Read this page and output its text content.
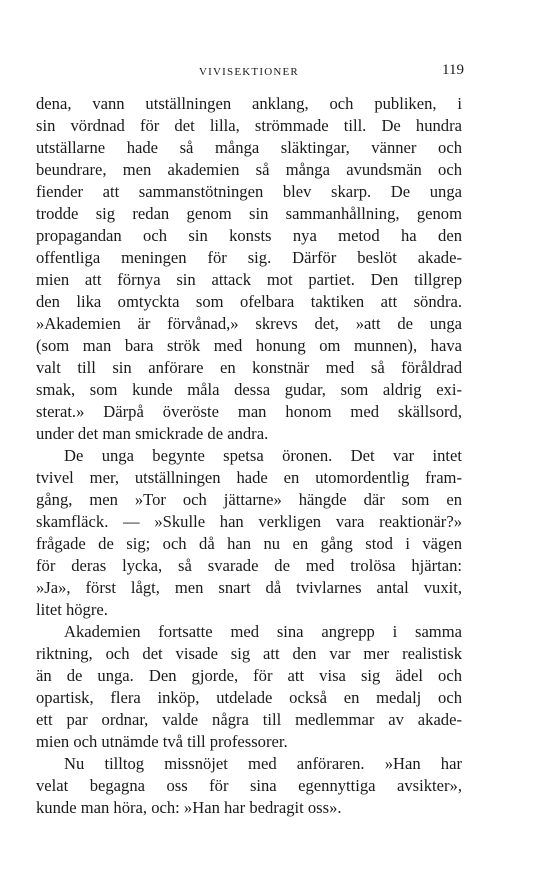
VIVISEKTIONER	119
dena, vann utställningen anklang, och publiken, i
sin vördnad för det lilla, strömmade till. De hundra
utställarne hade så många släktingar, vänner och
beundrare, men akademien så många avundsmän och
fiender att sammanstötningen blev skarp. De unga
trodde sig redan genom sin sammanhållning, genom
propagandan och sin konsts nya metod ha den
offentliga meningen för sig. Därför beslöt akade-
mien att förnya sin attack mot partiet. Den tillgrep
den lika omtyckta som ofelbara taktiken att söndra.
»Akademien är förvånad,» skrevs det, »att de unga
(som man bara strök med honung om munnen), hava
valt till sin anförare en konstnär med så föråldrad
smak, som kunde måla dessa gudar, som aldrig exi-
sterat.» Därpå överöste man honom med skällsord,
under det man smickrade de andra.
De unga begynte spetsa öronen. Det var intet
tvivel mer, utställningen hade en utomordentlig fram-
gång, men »Tor och jättarne» hängde där som en
skamfläck. — »Skulle han verkligen vara reaktionär?»
frågade de sig; och då han nu en gång stod i vägen
för deras lycka, så svarade de med trolösa hjärtan:
»Ja», först lågt, men snart då tvivlarnes antal vuxit,
litet högre.
Akademien fortsatte med sina angrepp i samma
riktning, och det visade sig att den var mer realistisk
än de unga. Den gjorde, för att visa sig ädel och
opartisk, flera inköp, utdelade också en medalj och
ett par ordnar, valde några till medlemmar av akade-
mien och utnämde två till professorer.
Nu tilltog missnöjet med anföraren. »Han har
velat begagna oss för sina egennyttiga avsikter»,
kunde man höra, och: »Han har bedragit oss».
